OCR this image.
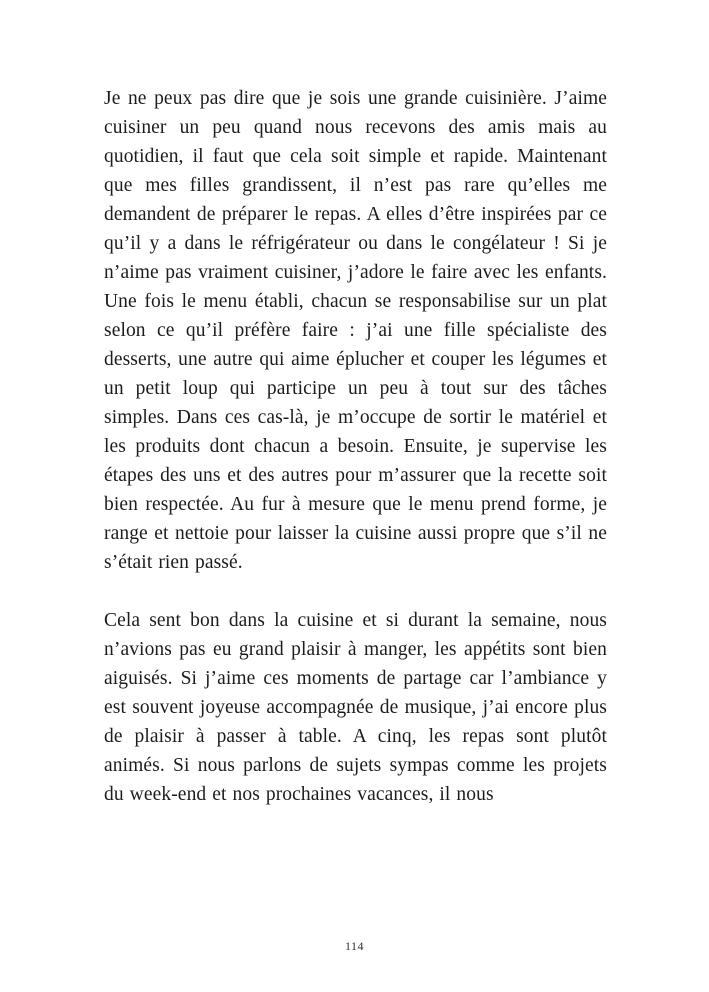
Je ne peux pas dire que je sois une grande cuisinière. J’aime cuisiner un peu quand nous recevons des amis mais au quotidien, il faut que cela soit simple et rapide. Maintenant que mes filles grandissent, il n’est pas rare qu’elles me demandent de préparer le repas. A elles d’être inspirées par ce qu’il y a dans le réfrigérateur ou dans le congélateur ! Si je n’aime pas vraiment cuisiner, j’adore le faire avec les enfants. Une fois le menu établi, chacun se responsabilise sur un plat selon ce qu’il préfère faire : j’ai une fille spécialiste des desserts, une autre qui aime éplucher et couper les légumes et un petit loup qui participe un peu à tout sur des tâches simples. Dans ces cas-là, je m’occupe de sortir le matériel et les produits dont chacun a besoin. Ensuite, je supervise les étapes des uns et des autres pour m’assurer que la recette soit bien respectée. Au fur à mesure que le menu prend forme, je range et nettoie pour laisser la cuisine aussi propre que s’il ne s’était rien passé.

Cela sent bon dans la cuisine et si durant la semaine, nous n’avions pas eu grand plaisir à manger, les appétits sont bien aiguisés. Si j’aime ces moments de partage car l’ambiance y est souvent joyeuse accompagnée de musique, j’ai encore plus de plaisir à passer à table. A cinq, les repas sont plutôt animés. Si nous parlons de sujets sympas comme les projets du week-end et nos prochaines vacances, il nous

114
